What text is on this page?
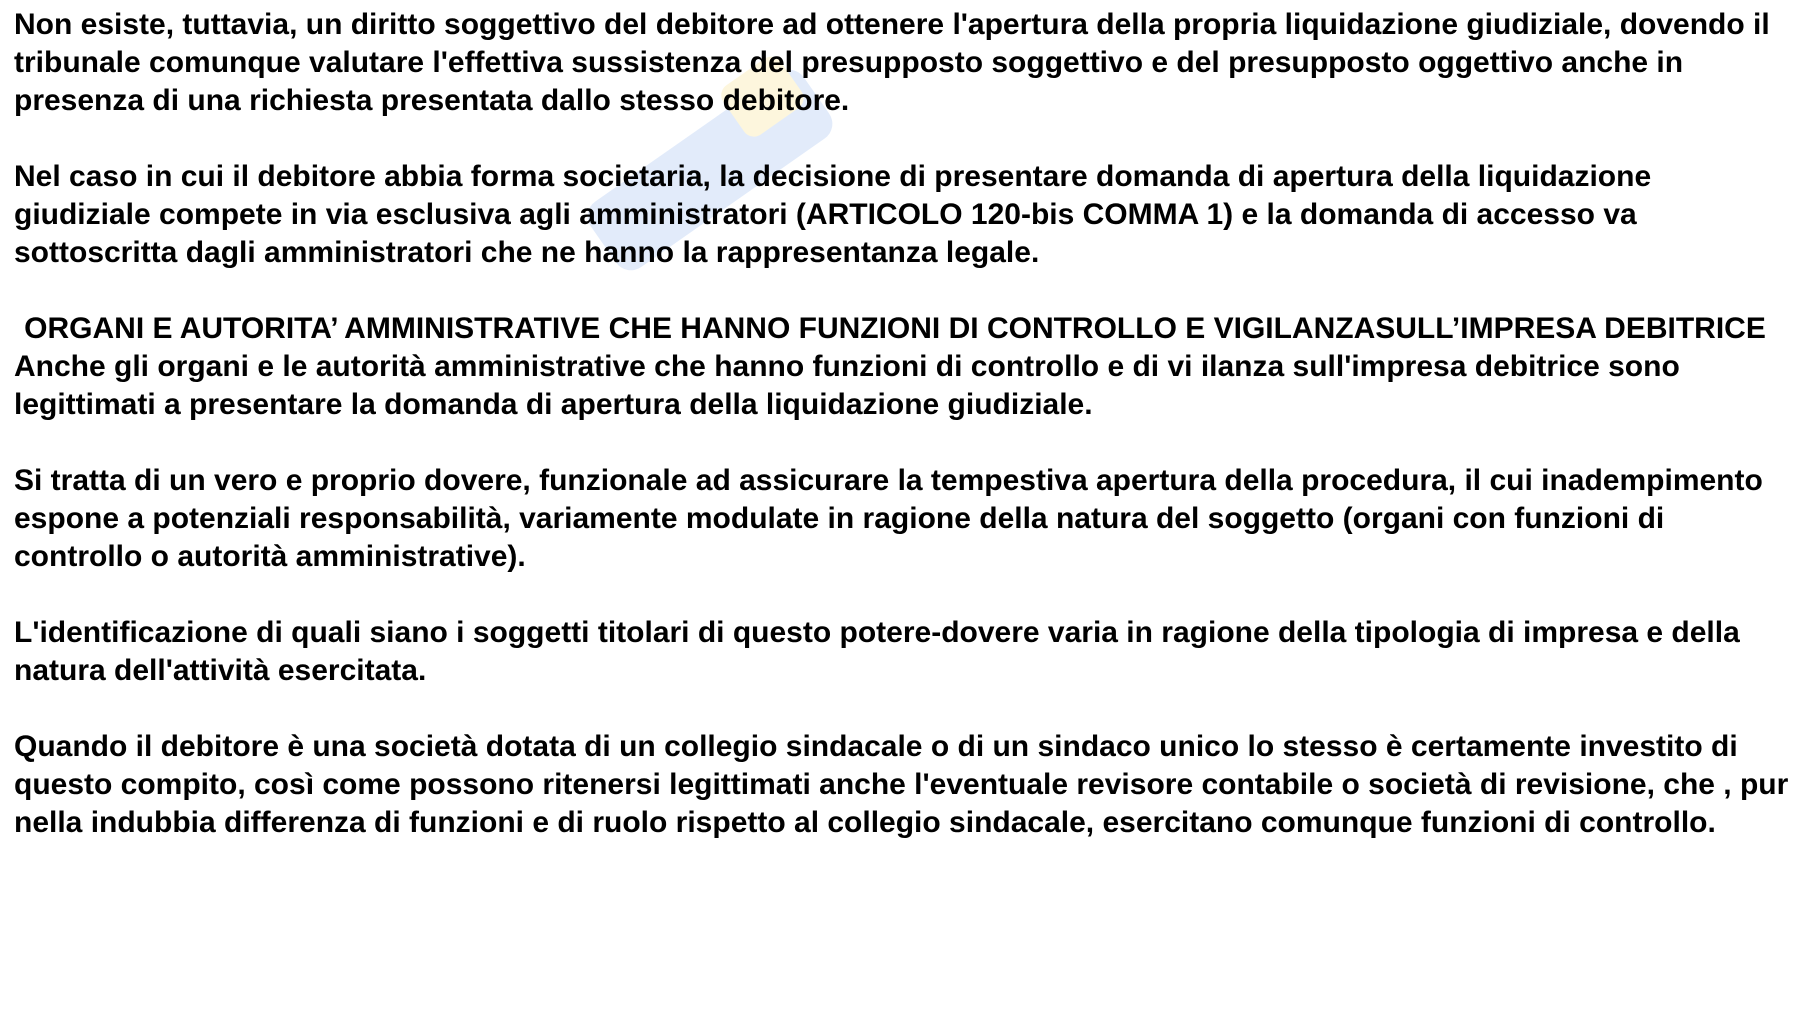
Non esiste, tuttavia, un diritto soggettivo del debitore ad ottenere l'apertura della propria liquidazione giudiziale, dovendo il tribunale comunque valutare l'effettiva sussistenza del presupposto soggettivo e del presupposto oggettivo anche in presenza di una richiesta presentata dallo stesso debitore.

Nel caso in cui il debitore abbia forma societaria, la decisione di presentare domanda di apertura della liquidazione giudiziale compete in via esclusiva agli amministratori (ARTICOLO 120-bis COMMA 1) e la domanda di accesso va sottoscritta dagli amministratori che ne hanno la rappresentanza legale.

ORGANI E AUTORITA’ AMMINISTRATIVE CHE HANNO FUNZIONI DI CONTROLLO E VIGILANZASULL’IMPRESA DEBITRICE

Anche gli organi e le autorità amministrative che hanno funzioni di controllo e di vi ilanza sull'impresa debitrice sono legittimati a presentare la domanda di apertura della liquidazione giudiziale.

Si tratta di un vero e proprio dovere, funzionale ad assicurare la tempestiva apertura della procedura, il cui inadempimento espone a potenziali responsabilità, variamente modulate in ragione della natura del soggetto (organi con funzioni di controllo o autorità amministrative).

L'identificazione di quali siano i soggetti titolari di questo potere-dovere varia in ragione della tipologia di impresa e della natura dell'attività esercitata.

Quando il debitore è una società dotata di un collegio sindacale o di un sindaco unico lo stesso è certamente investito di questo compito, così come possono ritenersi legittimati anche l'eventuale revisore contabile o società di revisione, che , pur nella indubbia differenza di funzioni e di ruolo rispetto al collegio sindacale, esercitano comunque funzioni di controllo.
